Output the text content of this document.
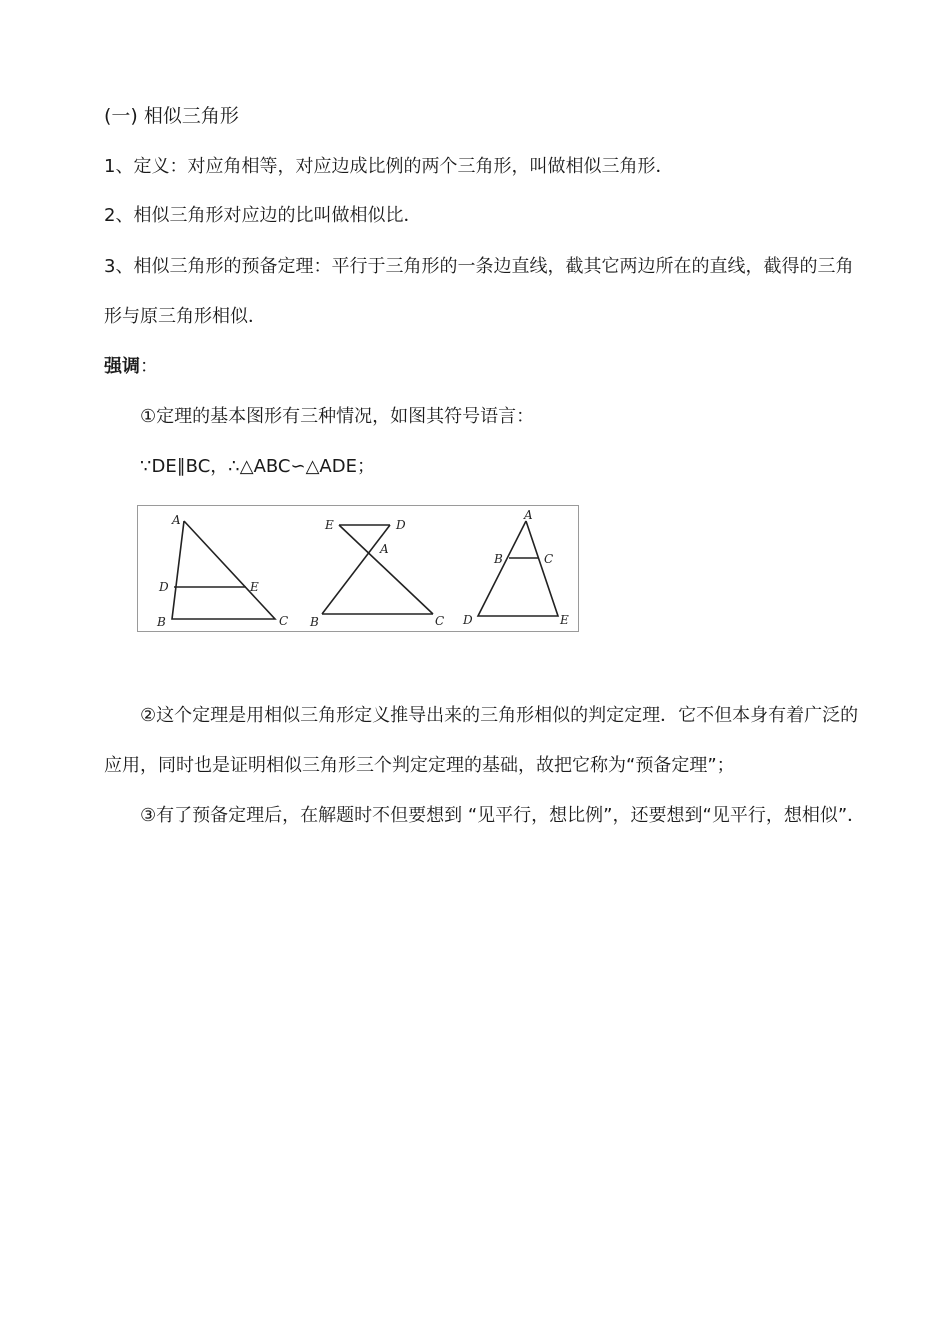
(一) 相似三角形
1、定义：对应角相等，对应边成比例的两个三角形，叫做相似三角形．
2、相似三角形对应边的比叫做相似比．
3、相似三角形的预备定理：平行于三角形的一条边直线，截其它两边所在的直线，截得的三角
形与原三角形相似．
强调：
①定理的基本图形有三种情况，如图其符号语言：
∵DE∥BC，∴△ABC∽△ADE；
A
D	E
B	C
E	D
A
B	C
A
B	C
D	E
②这个定理是用相似三角形定义推导出来的三角形相似的判定定理．它不但本身有着广泛的
应用，同时也是证明相似三角形三个判定定理的基础，故把它称为“预备定理”；
③有了预备定理后，在解题时不但要想到 “见平行，想比例”，还要想到“见平行，想相似”．
